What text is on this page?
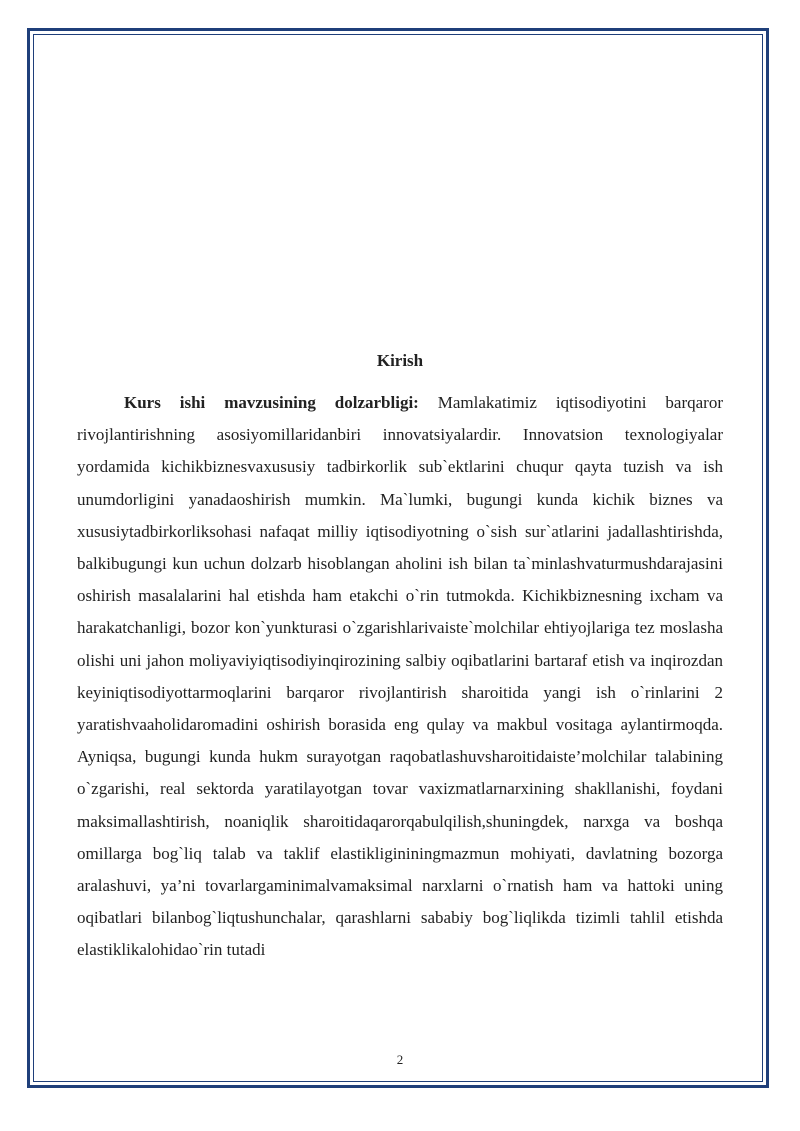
Kirish

Kurs ishi mavzusining dolzarbligi: Mamlakatimiz iqtisodiyotini barqaror rivojlantirishning asosiyomillaridanbiri innovatsiyalardir. Innovatsion texnologiyalar yordamida kichikbiznesvaxususiy tadbirkorlik sub`ektlarini chuqur qayta tuzish va ish unumdorligini yanadaoshirish mumkin. Ma`lumki, bugungi kunda kichik biznes va xususiytadbirkorliksohasi nafaqat milliy iqtisodiyotning o`sish sur`atlarini jadallashtirishda, balkibugungi kun uchun dolzarb hisoblangan aholini ish bilan ta`minlashvaturmushdarajasini oshirish masalalarini hal etishda ham etakchi o`rin tutmokda. Kichikbiznesning ixcham va harakatchanligi, bozor kon`yunkturasi o`zgarishlarivaiste`molchilar ehtiyojlariga tez moslasha olishi uni jahon moliyaviyiqtisodiyinqirozining salbiy oqibatlarini bartaraf etish va inqirozdan keyiniqtisodiyottarmoqlarini barqaror rivojlantirish sharoitida yangi ish o`rinlarini 2 yaratishvaaholidaromadini oshirish borasida eng qulay va makbul vositaga aylantirmoqda. Ayniqsa, bugungi kunda hukm surayotgan raqobatlashuvsharoitidaiste’molchilar talabining o`zgarishi, real sektorda yaratilayotgan tovar vaxizmatlarnarxining shakllanishi, foydani maksimallashtirish, noaniqlik sharoitidaqarorqabulqilish,shuningdek, narxga va boshqa omillarga bog`liq talab va taklif elastikligininingmazmun mohiyati, davlatning bozorga aralashuvi, ya’ni tovarlargaminimalvamaksimal narxlarni o`rnatish ham va hattoki uning oqibatlari bilanbog`liqtushunchalar, qarashlarni sababiy bog`liqlikda tizimli tahlil etishda elastiklikalohidao`rin tutadi

2
